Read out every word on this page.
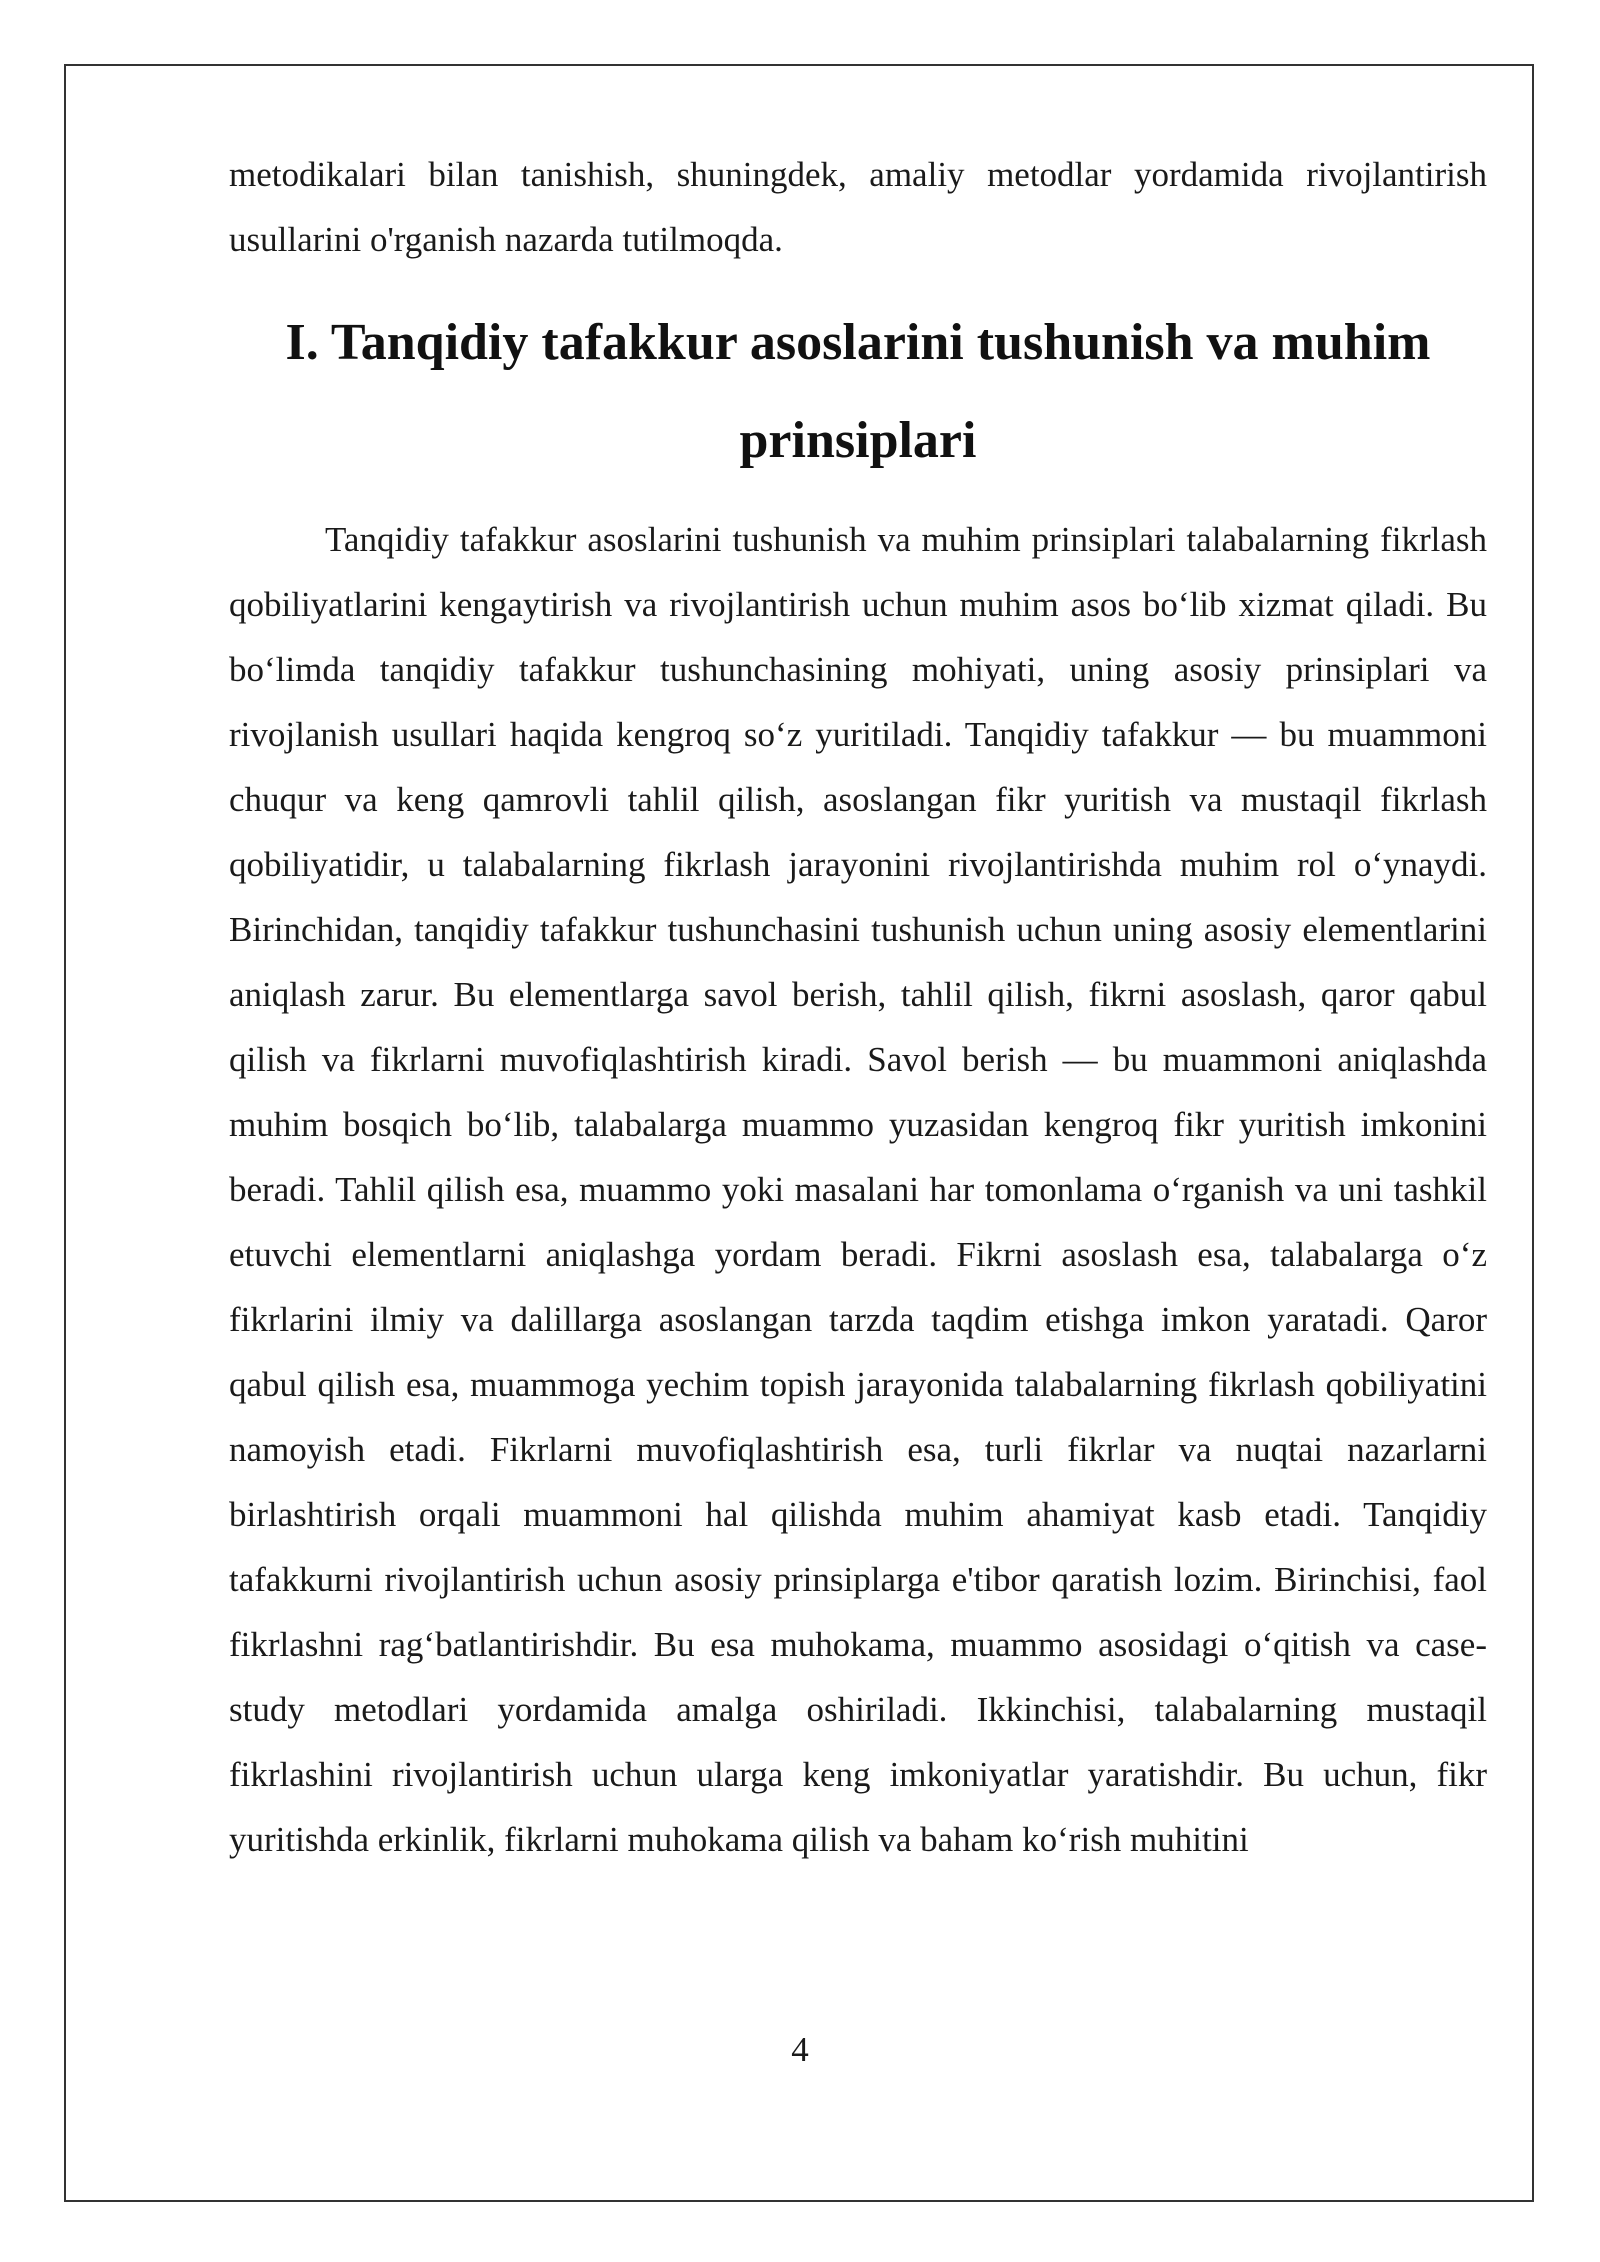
metodikalari bilan tanishish, shuningdek, amaliy metodlar yordamida rivojlantirish usullarini o'rganish nazarda tutilmoqda.

I. Tanqidiy tafakkur asoslarini tushunish va muhim prinsiplari

Tanqidiy tafakkur asoslarini tushunish va muhim prinsiplari talabalarning fikrlash qobiliyatlarini kengaytirish va rivojlantirish uchun muhim asos bo‘lib xizmat qiladi. Bu bo‘limda tanqidiy tafakkur tushunchasining mohiyati, uning asosiy prinsiplari va rivojlanish usullari haqida kengroq so‘z yuritiladi. Tanqidiy tafakkur — bu muammoni chuqur va keng qamrovli tahlil qilish, asoslangan fikr yuritish va mustaqil fikrlash qobiliyatidir, u talabalarning fikrlash jarayonini rivojlantirishda muhim rol o‘ynaydi. Birinchidan, tanqidiy tafakkur tushunchasini tushunish uchun uning asosiy elementlarini aniqlash zarur. Bu elementlarga savol berish, tahlil qilish, fikrni asoslash, qaror qabul qilish va fikrlarni muvofiqlashtirish kiradi. Savol berish — bu muammoni aniqlashda muhim bosqich bo‘lib, talabalarga muammo yuzasidan kengroq fikr yuritish imkonini beradi. Tahlil qilish esa, muammo yoki masalani har tomonlama o‘rganish va uni tashkil etuvchi elementlarni aniqlashga yordam beradi. Fikrni asoslash esa, talabalarga o‘z fikrlarini ilmiy va dalillarga asoslangan tarzda taqdim etishga imkon yaratadi. Qaror qabul qilish esa, muammoga yechim topish jarayonida talabalarning fikrlash qobiliyatini namoyish etadi. Fikrlarni muvofiqlashtirish esa, turli fikrlar va nuqtai nazarlarni birlashtirish orqali muammoni hal qilishda muhim ahamiyat kasb etadi. Tanqidiy tafakkurni rivojlantirish uchun asosiy prinsiplarga e'tibor qaratish lozim. Birinchisi, faol fikrlashni rag‘batlantirishdir. Bu esa muhokama, muammo asosidagi o‘qitish va case-study metodlari yordamida amalga oshiriladi. Ikkinchisi, talabalarning mustaqil fikrlashini rivojlantirish uchun ularga keng imkoniyatlar yaratishdir. Bu uchun, fikr yuritishda erkinlik, fikrlarni muhokama qilish va baham ko‘rish muhitini

4
